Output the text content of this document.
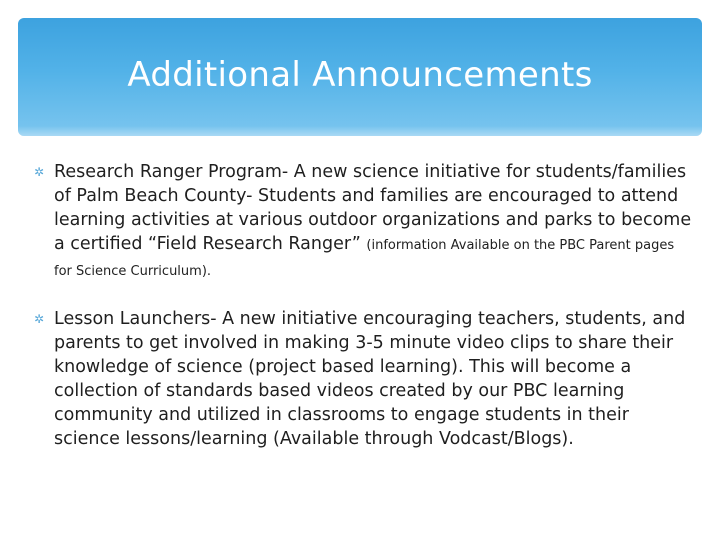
Additional Announcements
✲ Research Ranger Program- A new science initiative for students/families of Palm Beach County- Students and families are encouraged to attend learning activities at various outdoor organizations and parks to become a certified “Field Research Ranger” (information Available on the PBC Parent pages for Science Curriculum).
✲ Lesson Launchers- A new initiative encouraging teachers, students, and parents to get involved in making 3-5 minute video clips to share their knowledge of science (project based learning). This will become a collection of standards based videos created by our PBC learning community and utilized in classrooms to engage students in their science lessons/learning (Available through Vodcast/Blogs).
